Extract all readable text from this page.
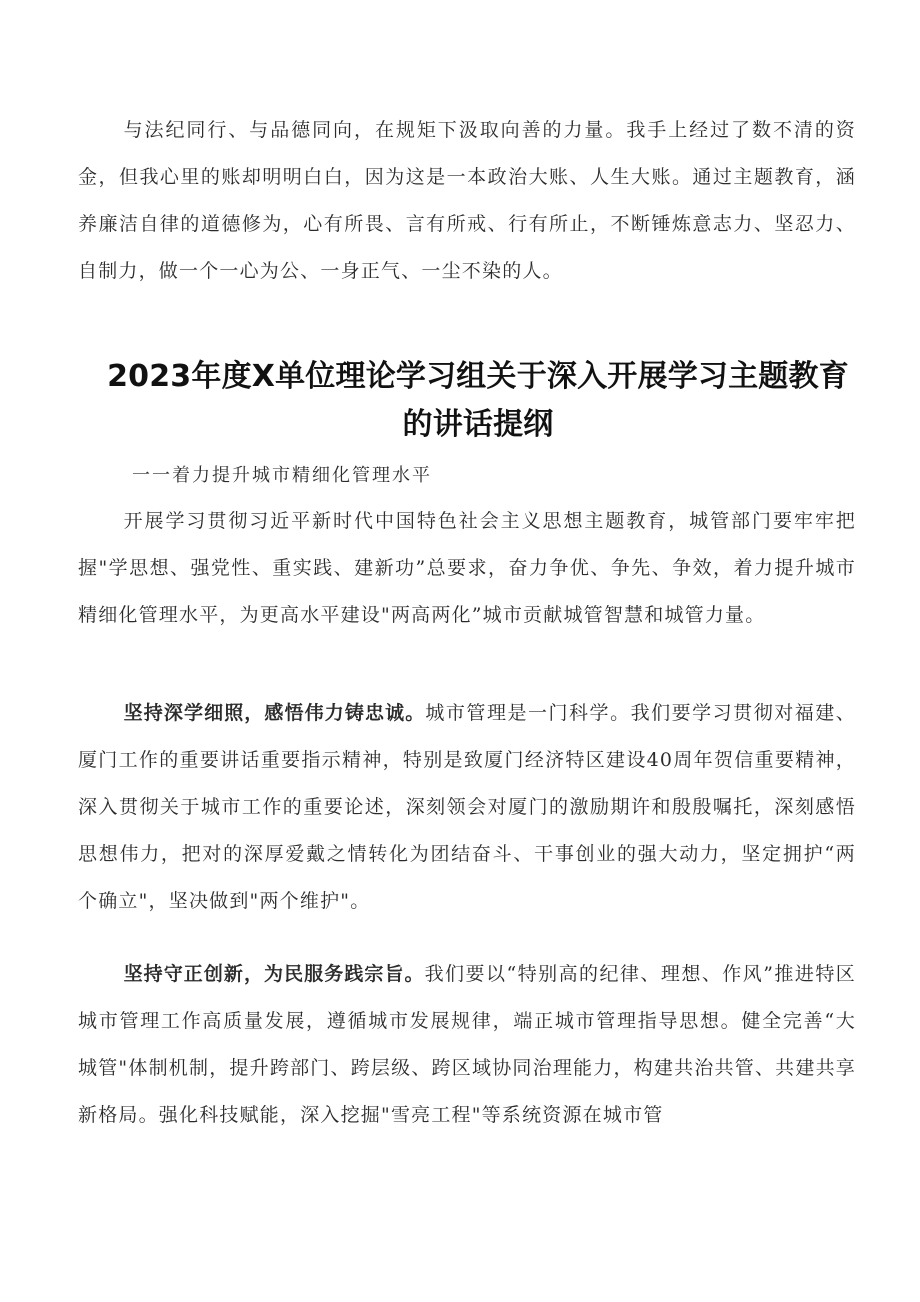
与法纪同行、与品德同向，在规矩下汲取向善的力量。我手上经过了数不清的资金，但我心里的账却明明白白，因为这是一本政治大账、人生大账。通过主题教育，涵养廉洁自律的道德修为，心有所畏、言有所戒、行有所止，不断锤炼意志力、坚忍力、自制力，做一个一心为公、一身正气、一尘不染的人。

2023年度X单位理论学习组关于深入开展学习主题教育
的讲话提纲

一一着力提升城市精细化管理水平

开展学习贯彻习近平新时代中国特色社会主义思想主题教育，城管部门要牢牢把握"学思想、强党性、重实践、建新功”总要求，奋力争优、争先、争效，着力提升城市精细化管理水平，为更高水平建设"两高两化”城市贡献城管智慧和城管力量。

坚持深学细照，感悟伟力铸忠诚。城市管理是一门科学。我们要学习贯彻对福建、厦门工作的重要讲话重要指示精神，特别是致厦门经济特区建设40周年贺信重要精神，深入贯彻关于城市工作的重要论述，深刻领会对厦门的激励期许和殷殷嘱托，深刻感悟思想伟力，把对的深厚爱戴之情转化为团结奋斗、干事创业的强大动力，坚定拥护“两个确立"，坚决做到"两个维护"。

坚持守正创新，为民服务践宗旨。我们要以“特别高的纪律、理想、作风”推进特区城市管理工作高质量发展，遵循城市发展规律，端正城市管理指导思想。健全完善“大城管"体制机制，提升跨部门、跨层级、跨区域协同治理能力，构建共治共管、共建共享新格局。强化科技赋能，深入挖掘"雪亮工程"等系统资源在城市管
